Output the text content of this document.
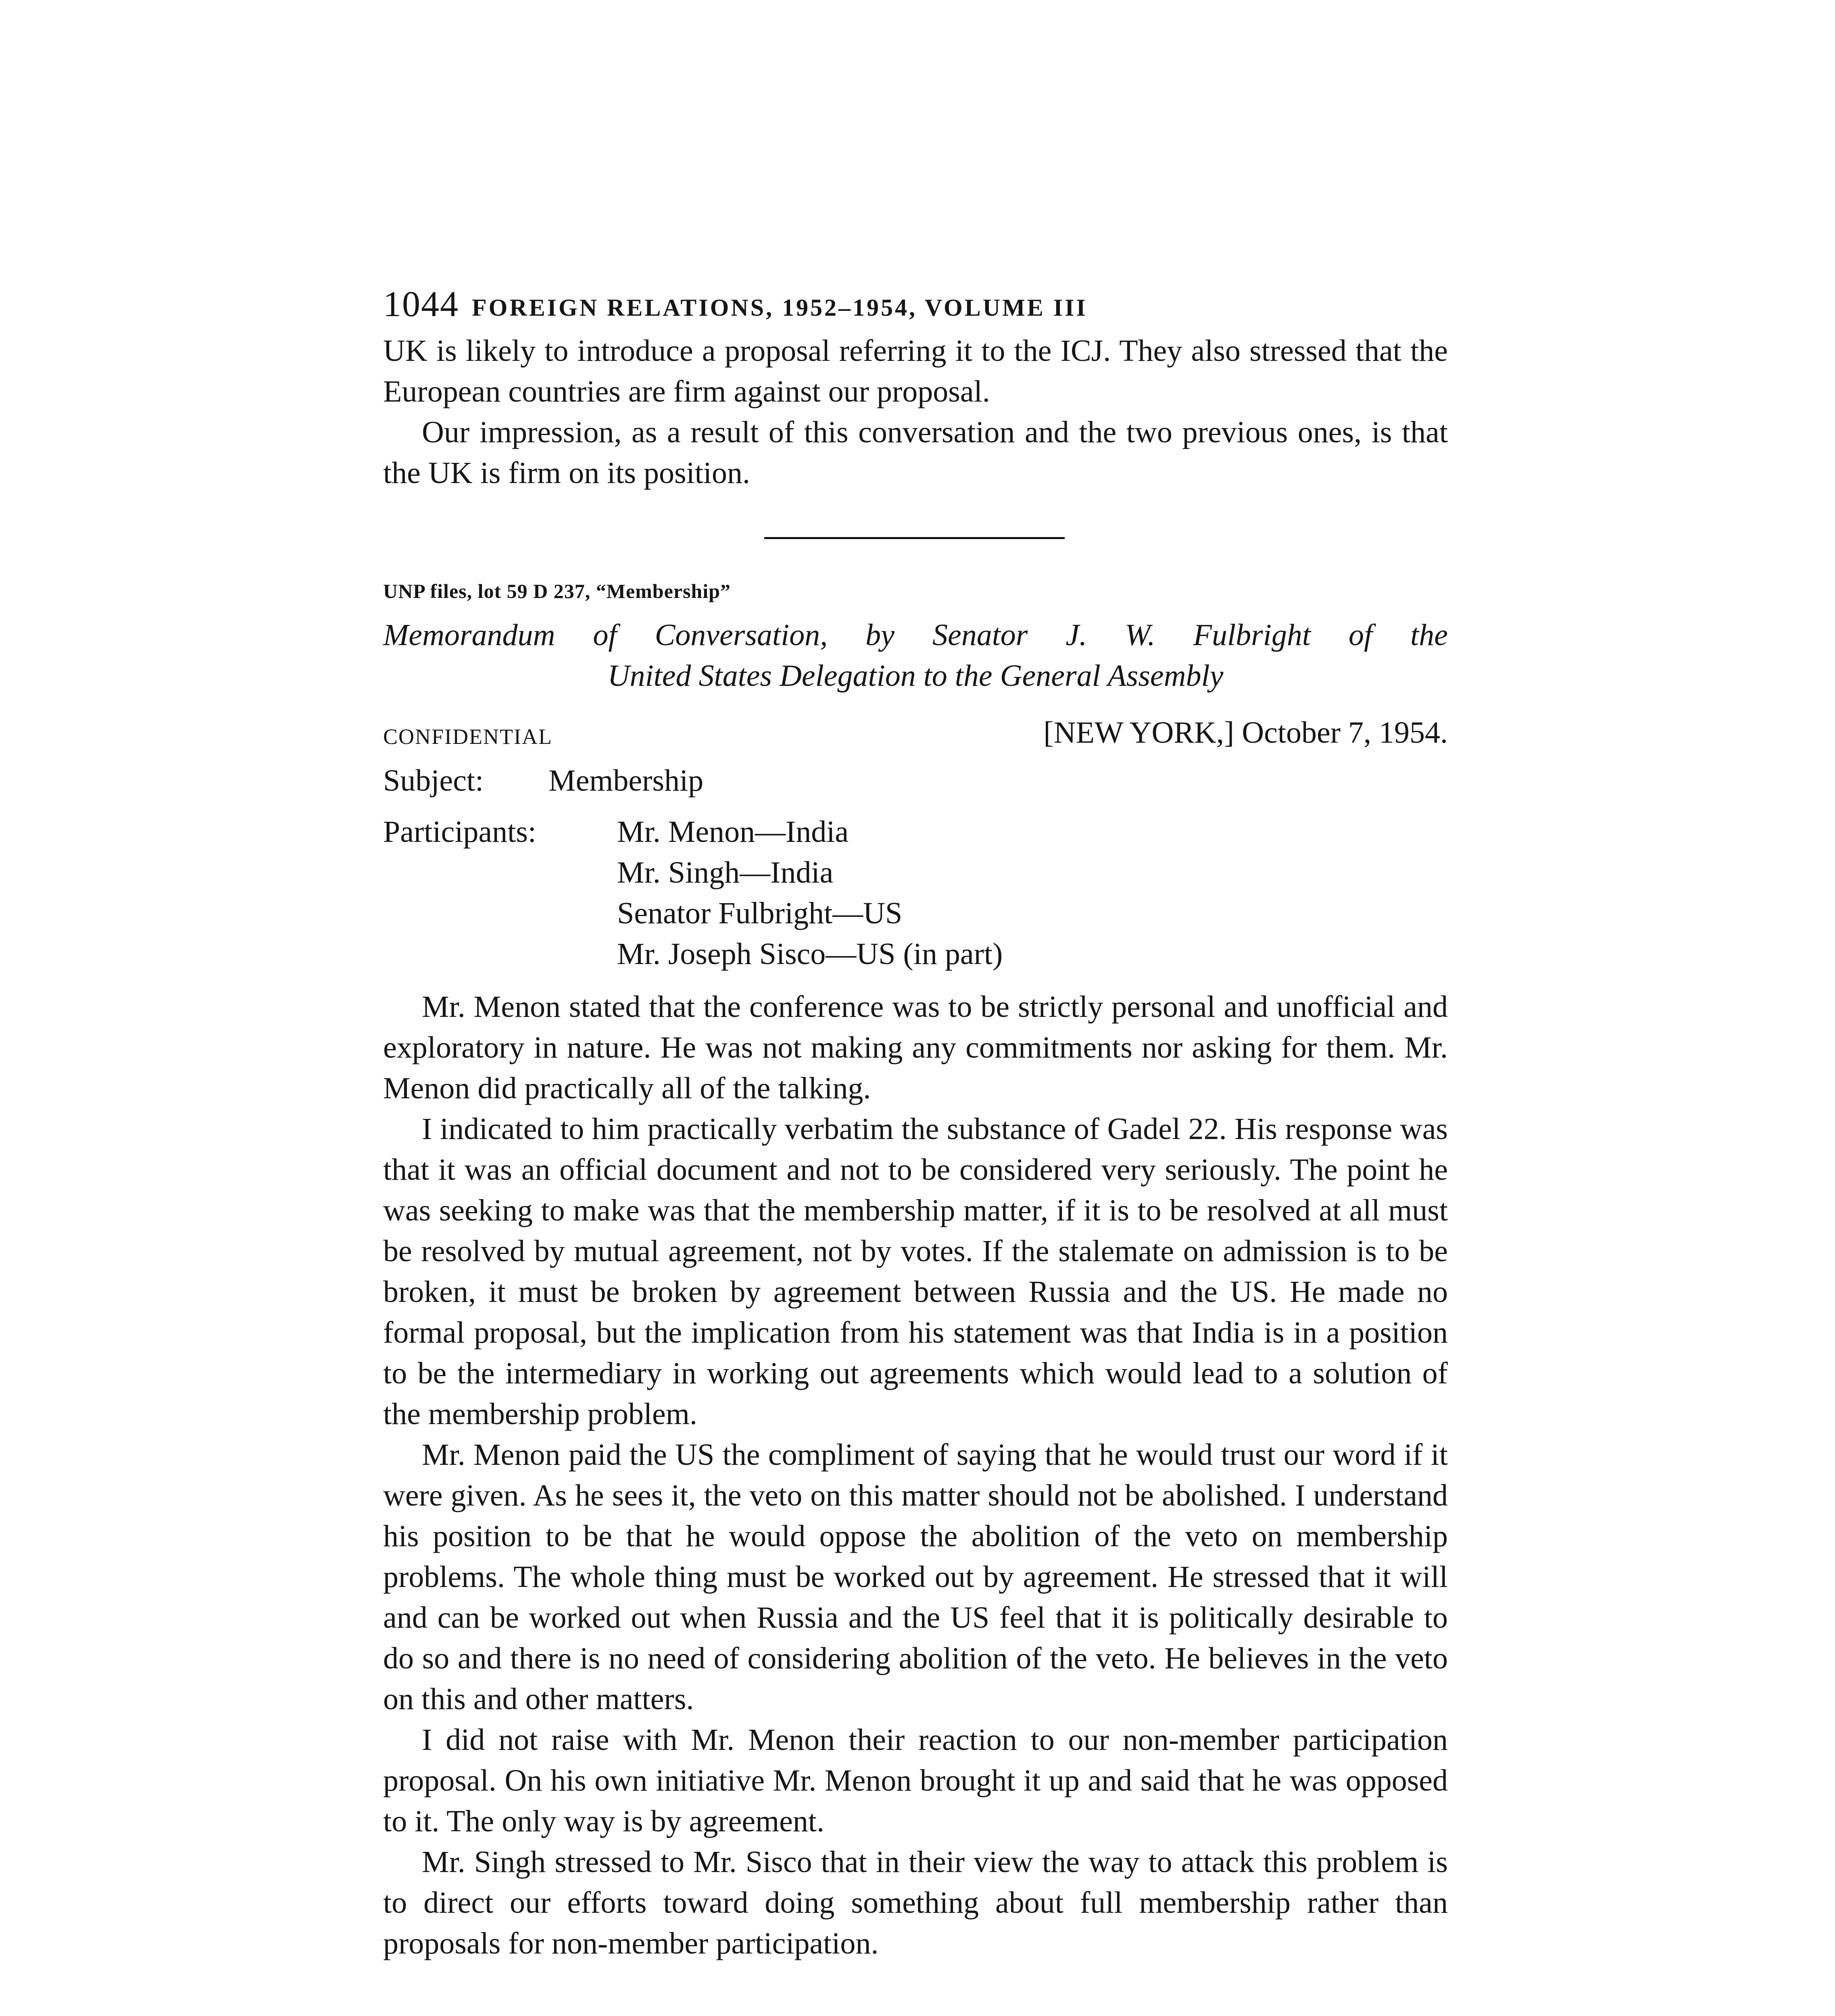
1044 FOREIGN RELATIONS, 1952–1954, VOLUME III

UK is likely to introduce a proposal referring it to the ICJ. They also stressed that the European countries are firm against our proposal.

Our impression, as a result of this conversation and the two previous ones, is that the UK is firm on its position.

UNP files, lot 59 D 237, “Membership”
Memorandum of Conversation, by Senator J. W. Fulbright of the
United States Delegation to the General Assembly
CONFIDENTIAL	[NEW YORK,] October 7, 1954.
Subject: Membership
Participants:	Mr. Menon—India
Mr. Singh—India
Senator Fulbright—US
Mr. Joseph Sisco—US (in part)

Mr. Menon stated that the conference was to be strictly personal and unofficial and exploratory in nature. He was not making any commitments nor asking for them. Mr. Menon did practically all of the talking.

I indicated to him practically verbatim the substance of Gadel 22. His response was that it was an official document and not to be considered very seriously. The point he was seeking to make was that the membership matter, if it is to be resolved at all must be resolved by mutual agreement, not by votes. If the stalemate on admission is to be broken, it must be broken by agreement between Russia and the US. He made no formal proposal, but the implication from his statement was that India is in a position to be the intermediary in working out agreements which would lead to a solution of the membership problem.

Mr. Menon paid the US the compliment of saying that he would trust our word if it were given. As he sees it, the veto on this matter should not be abolished. I understand his position to be that he would oppose the abolition of the veto on membership problems. The whole thing must be worked out by agreement. He stressed that it will and can be worked out when Russia and the US feel that it is politically desirable to do so and there is no need of considering abolition of the veto. He believes in the veto on this and other matters.

I did not raise with Mr. Menon their reaction to our non-member participation proposal. On his own initiative Mr. Menon brought it up and said that he was opposed to it. The only way is by agreement.

Mr. Singh stressed to Mr. Sisco that in their view the way to attack this problem is to direct our efforts toward doing something about full membership rather than proposals for non-member participation.
